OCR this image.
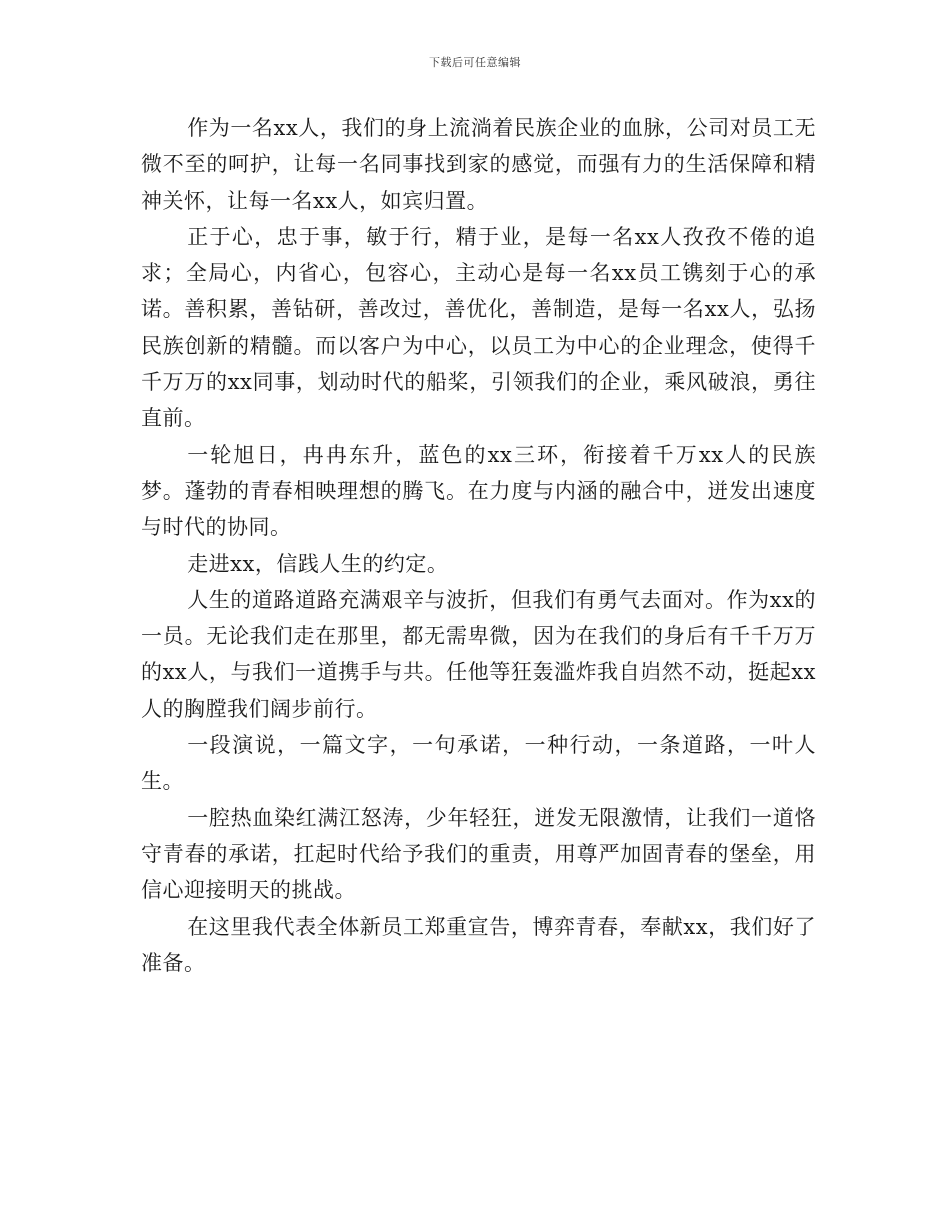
下载后可任意编辑

作为一名xx人，我们的身上流淌着民族企业的血脉，公司对员工无微不至的呵护，让每一名同事找到家的感觉，而强有力的生活保障和精神关怀，让每一名xx人，如宾归置。

正于心，忠于事，敏于行，精于业，是每一名xx人孜孜不倦的追求；全局心，内省心，包容心，主动心是每一名xx员工镌刻于心的承诺。善积累，善钻研，善改过，善优化，善制造，是每一名xx人，弘扬民族创新的精髓。而以客户为中心，以员工为中心的企业理念，使得千千万万的xx同事，划动时代的船桨，引领我们的企业，乘风破浪，勇往直前。

一轮旭日，冉冉东升，蓝色的xx三环，衔接着千万xx人的民族梦。蓬勃的青春相映理想的腾飞。在力度与内涵的融合中，迸发出速度与时代的协同。

走进xx，信践人生的约定。

人生的道路道路充满艰辛与波折，但我们有勇气去面对。作为xx的一员。无论我们走在那里，都无需卑微，因为在我们的身后有千千万万的xx人，与我们一道携手与共。任他等狂轰滥炸我自岿然不动，挺起xx人的胸膛我们阔步前行。

一段演说，一篇文字，一句承诺，一种行动，一条道路，一叶人生。

一腔热血染红满江怒涛，少年轻狂，迸发无限激情，让我们一道恪守青春的承诺，扛起时代给予我们的重责，用尊严加固青春的堡垒，用信心迎接明天的挑战。

在这里我代表全体新员工郑重宣告，博弈青春，奉献xx，我们好了准备。
